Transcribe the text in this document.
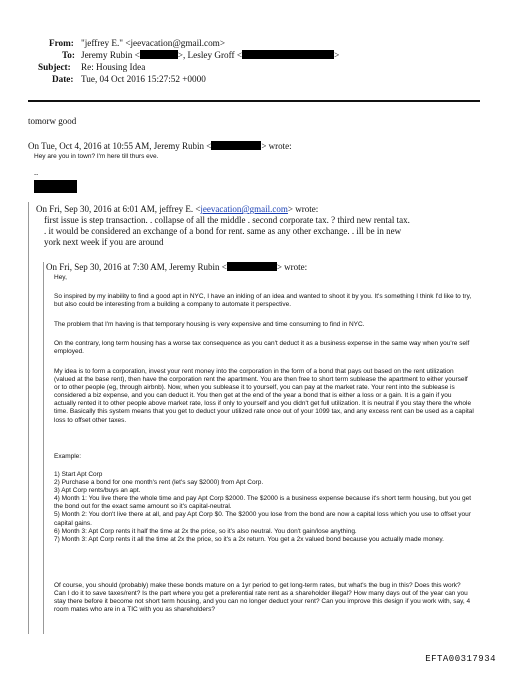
From: "jeffrey E." <jeevacation@gmail.com>
To: Jeremy Rubin <	>, Lesley Groff <	>
Subject: Re: Housing Idea
Date: Tue, 04 Oct 2016 15:27:52 +0000
tomorw good
On Tue, Oct 4, 2016 at 10:55 AM, Jeremy Rubin <	> wrote:
Hey are you in town? I'm here till thurs eve.
--
On Fri, Sep 30, 2016 at 6:01 AM, jeffrey E. <jeevacation@gmail.com> wrote:
first issue is step transaction. . collapse of all the middle . second corporate tax. ? third new rental tax.
. it would be considered an exchange of a bond for rent. same as any other exchange. . ill be in new
york next week if you are around
On Fri, Sep 30, 2016 at 7:30 AM, Jeremy Rubin <	> wrote:

Hey,

So inspired by my inability to find a good apt in NYC, I have an inkling of an idea and wanted to shoot it by you. It's something I think I'd like to try, but also could be interesting from a building a company to automate it perspective.

The problem that I'm having is that temporary housing is very expensive and time consuming to find in NYC.

On the contrary, long term housing has a worse tax consequence as you can't deduct it as a business expense in the same way when you're self employed.

My idea is to form a corporation, invest your rent money into the corporation in the form of a bond that pays out based on the rent utilization (valued at the base rent), then have the corporation rent the apartment. You are then free to short term sublease the apartment to either yourself or to other people (eg, through airbnb). Now, when you sublease it to yourself, you can pay at the market rate. Your rent into the sublease is considered a biz expense, and you can deduct it. You then get at the end of the year a bond that is either a loss or a gain. It is a gain if you actually rented it to other people above market rate, loss if only to yourself and you didn't get full utilization. It is neutral if you stay there the whole time. Basically this system means that you get to deduct your utilized rate once out of your 1099 tax, and any excess rent can be used as a capital loss to offset other taxes.

Example:

1) Start Apt Corp
2) Purchase a bond for one month's rent (let's say $2000) from Apt Corp.
3) Apt Corp rents/buys an apt.
4) Month 1: You live there the whole time and pay Apt Corp $2000. The $2000 is a business expense because it's short term housing, but you get the bond out for the exact same amount so it's capital-neutral.
5) Month 2: You don't live there at all, and pay Apt Corp $0. The $2000 you lose from the bond are now a capital loss which you use to offset your capital gains.
6) Month 3: Apt Corp rents it half the time at 2x the price, so it's also neutral. You don't gain/lose anything.
7) Month 3: Apt Corp rents it all the time at 2x the price, so it's a 2x return. You get a 2x valued bond because you actually made money.

Of course, you should (probably) make these bonds mature on a 1yr period to get long-term rates, but what's the bug in this? Does this work? Can I do it to save taxes/rent? Is the part where you get a preferential rate rent as a shareholder illegal? How many days out of the year can you stay there before it become not short term housing, and you can no longer deduct your rent? Can you improve this design if you work with, say, 4 room mates who are in a TIC with you as shareholders?

EFTA00317934
